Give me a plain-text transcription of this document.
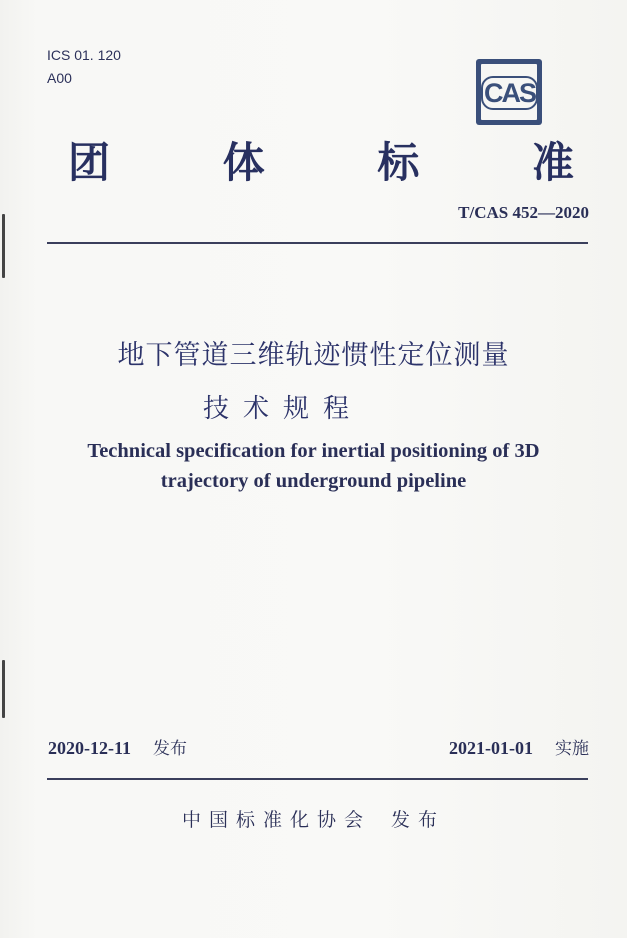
ICS 01. 120
A00	CAS
团	体	标	准
T/CAS 452—2020
地下管道三维轨迹惯性定位测量
技术规程
Technical specification for inertial positioning of 3D
trajectory of underground pipeline
2020-12-11 发布	2021-01-01 实施
中国标准化协会 发布
